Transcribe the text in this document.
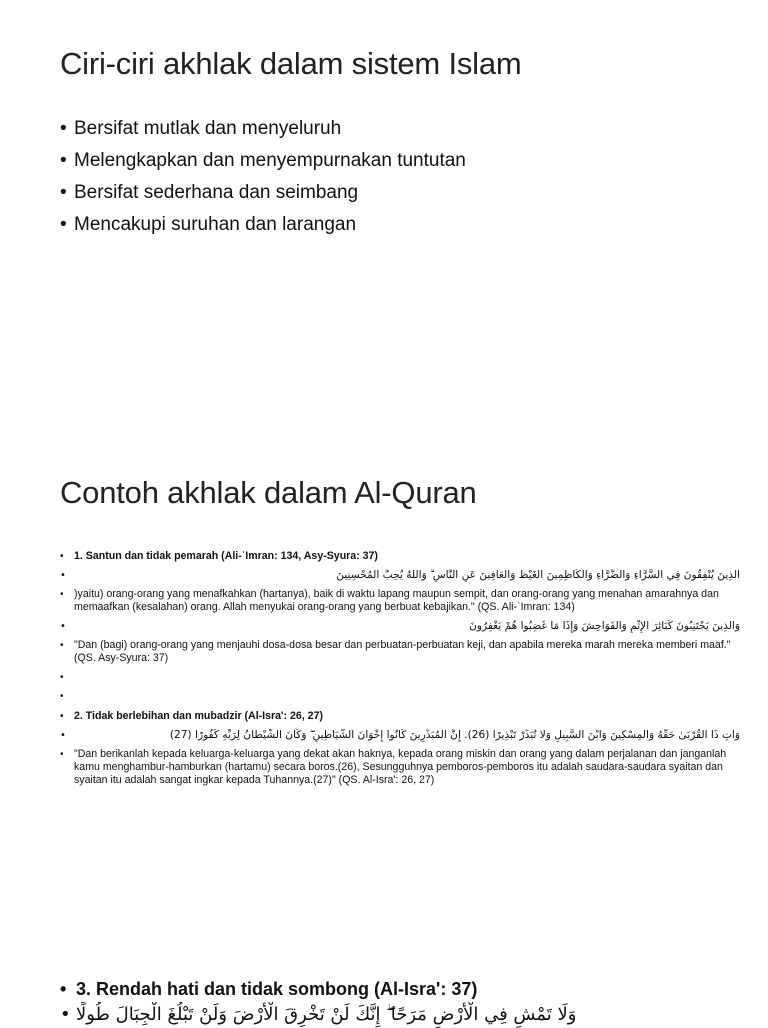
Ciri-ciri akhlak dalam sistem Islam
• Bersifat mutlak dan menyeluruh
• Melengkapkan dan menyempurnakan tuntutan
• Bersifat sederhana dan seimbang
• Mencakupi suruhan dan larangan
Contoh akhlak dalam Al-Quran
• 1. Santun dan tidak pemarah (Ali-ˈImran: 134, Asy-Syura: 37)
• الَّذِينَ يُنْفِقُونَ فِي السَّرَّاءِ وَالضَّرَّاءِ وَالْكَاظِمِينَ الْغَيْظَ وَالْعَافِينَ عَنِ النَّاسِ ۗ وَاللَّهُ يُحِبُّ الْمُحْسِنِينَ
• )yaitu) orang-orang yang menafkahkan (hartanya), baik di waktu lapang maupun sempit, dan orang-orang yang menahan amarahnya dan memaafkan (kesalahan) orang. Allah menyukai orang-orang yang berbuat kebajikan." (QS. Ali-ˈImran: 134)
• وَالَّذِينَ يَجْتَنِبُونَ كَبَائِرَ الْإِثْمِ وَالْفَوَاحِشَ وَإِذَا مَا غَضِبُوا هُمْ يَغْفِرُونَ
• "Dan (bagi) orang-orang yang menjauhi dosa-dosa besar dan perbuatan-perbuatan keji, dan apabila mereka marah mereka memberi maaf." (QS. Asy-Syura: 37)
•
•
• 2. Tidak berlebihan dan mubadzir (Al-Isra': 26, 27)
• وَآتِ ذَا الْقُرْبَىٰ حَقَّهُ وَالْمِسْكِينَ وَابْنَ السَّبِيلِ وَلَا تُبَذِّرْ تَبْذِيرًا (26). إِنَّ الْمُبَذِّرِينَ كَانُوا إِخْوَانَ الشَّيَاطِينِ ۖ وَكَانَ الشَّيْطَانُ لِرَبِّهِ كَفُورًا (27)
• "Dan berikanlah kepada keluarga-keluarga yang dekat akan haknya, kepada orang miskin dan orang yang dalam perjalanan dan janganlah kamu menghambur-hamburkan (hartamu) secara boros.(26), Sesungguhnya pemboros-pemboros itu adalah saudara-saudara syaitan dan syaitan itu adalah sangat ingkar kepada Tuhannya.(27)" (QS. Al-Isra': 26, 27)
• 3. Rendah hati dan tidak sombong (Al-Isra': 37)
• وَلَا تَمْشِ فِي الْأَرْضِ مَرَحًا ۖ إِنَّكَ لَنْ تَخْرِقَ الْأَرْضَ وَلَنْ تَبْلُغَ الْجِبَالَ طُولًا
